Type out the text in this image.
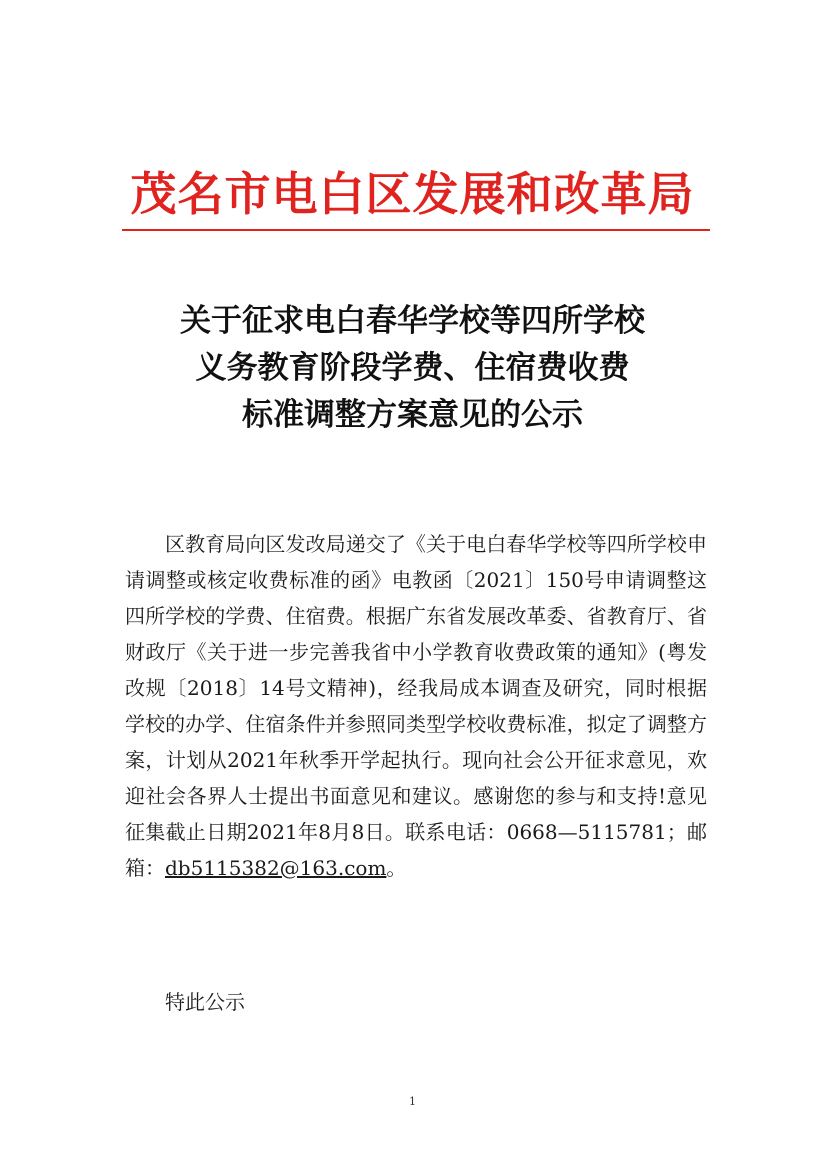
茂名市电白区发展和改革局
关于征求电白春华学校等四所学校
义务教育阶段学费、住宿费收费
标准调整方案意见的公示
区教育局向区发改局递交了《关于电白春华学校等四所学校申请调整或核定收费标准的函》电教函〔2021〕150号申请调整这四所学校的学费、住宿费。根据广东省发展改革委、省教育厅、省财政厅《关于进一步完善我省中小学教育收费政策的通知》(粤发改规〔2018〕14号文精神)，经我局成本调查及研究，同时根据学校的办学、住宿条件并参照同类型学校收费标准，拟定了调整方案，计划从2021年秋季开学起执行。现向社会公开征求意见，欢迎社会各界人士提出书面意见和建议。感谢您的参与和支持!意见征集截止日期2021年8月8日。联系电话：0668—5115781；邮箱：db5115382@163.com。
特此公示
1
